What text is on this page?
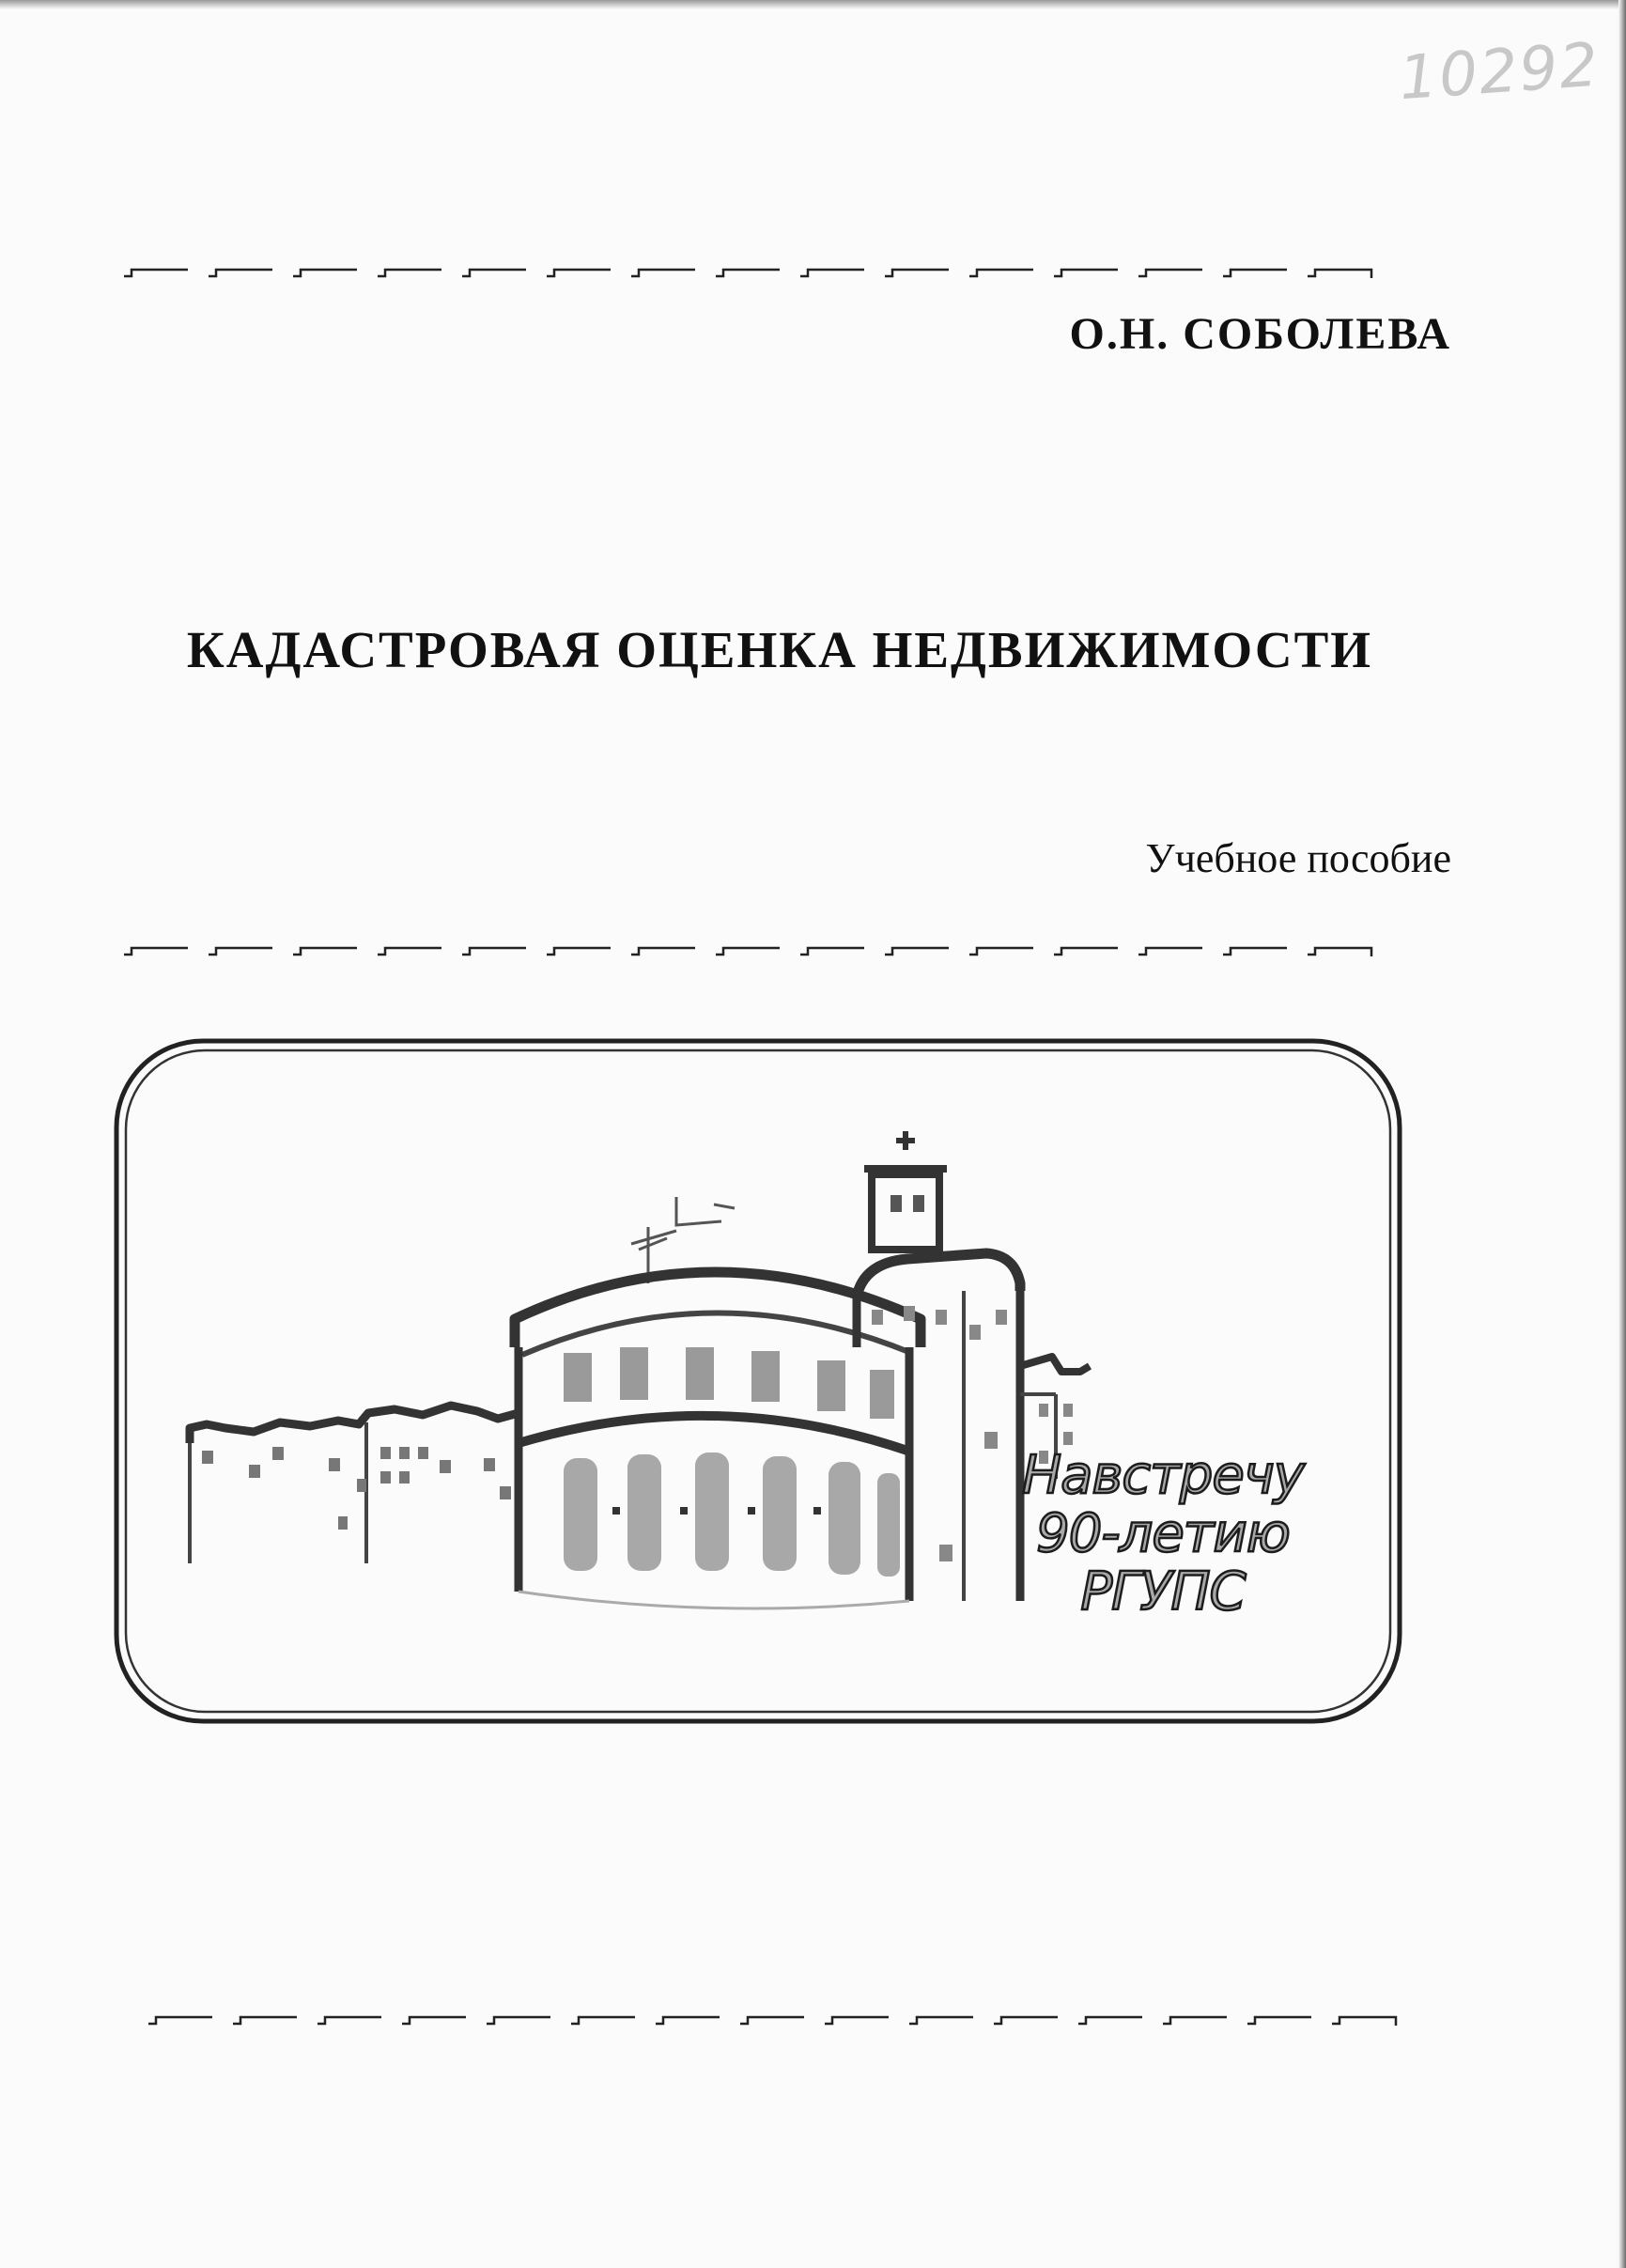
10292
О.Н. СОБОЛЕВА
КАДАСТРОВАЯ ОЦЕНКА НЕДВИЖИМОСТИ
Учебное пособие
Навстречу
90-летию
РГУПС
